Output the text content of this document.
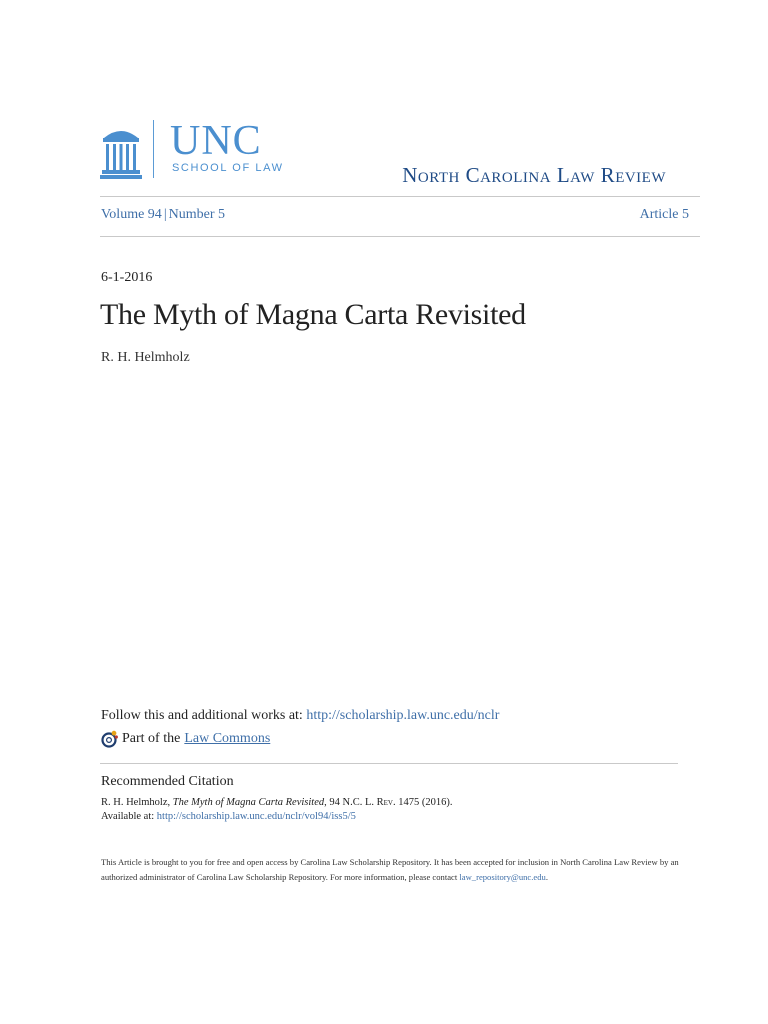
UNC
SCHOOL OF LAW	North Carolina Law Review
Volume 94 | Number 5	Article 5
6-1-2016
The Myth of Magna Carta Revisited
R. H. Helmholz
Follow this and additional works at: http://scholarship.law.unc.edu/nclr
Part of the Law Commons
Recommended Citation
R. H. Helmholz, The Myth of Magna Carta Revisited, 94 N.C. L. Rev. 1475 (2016).
Available at: http://scholarship.law.unc.edu/nclr/vol94/iss5/5
This Article is brought to you for free and open access by Carolina Law Scholarship Repository. It has been accepted for inclusion in North Carolina Law Review by an authorized administrator of Carolina Law Scholarship Repository. For more information, please contact law_repository@unc.edu.
